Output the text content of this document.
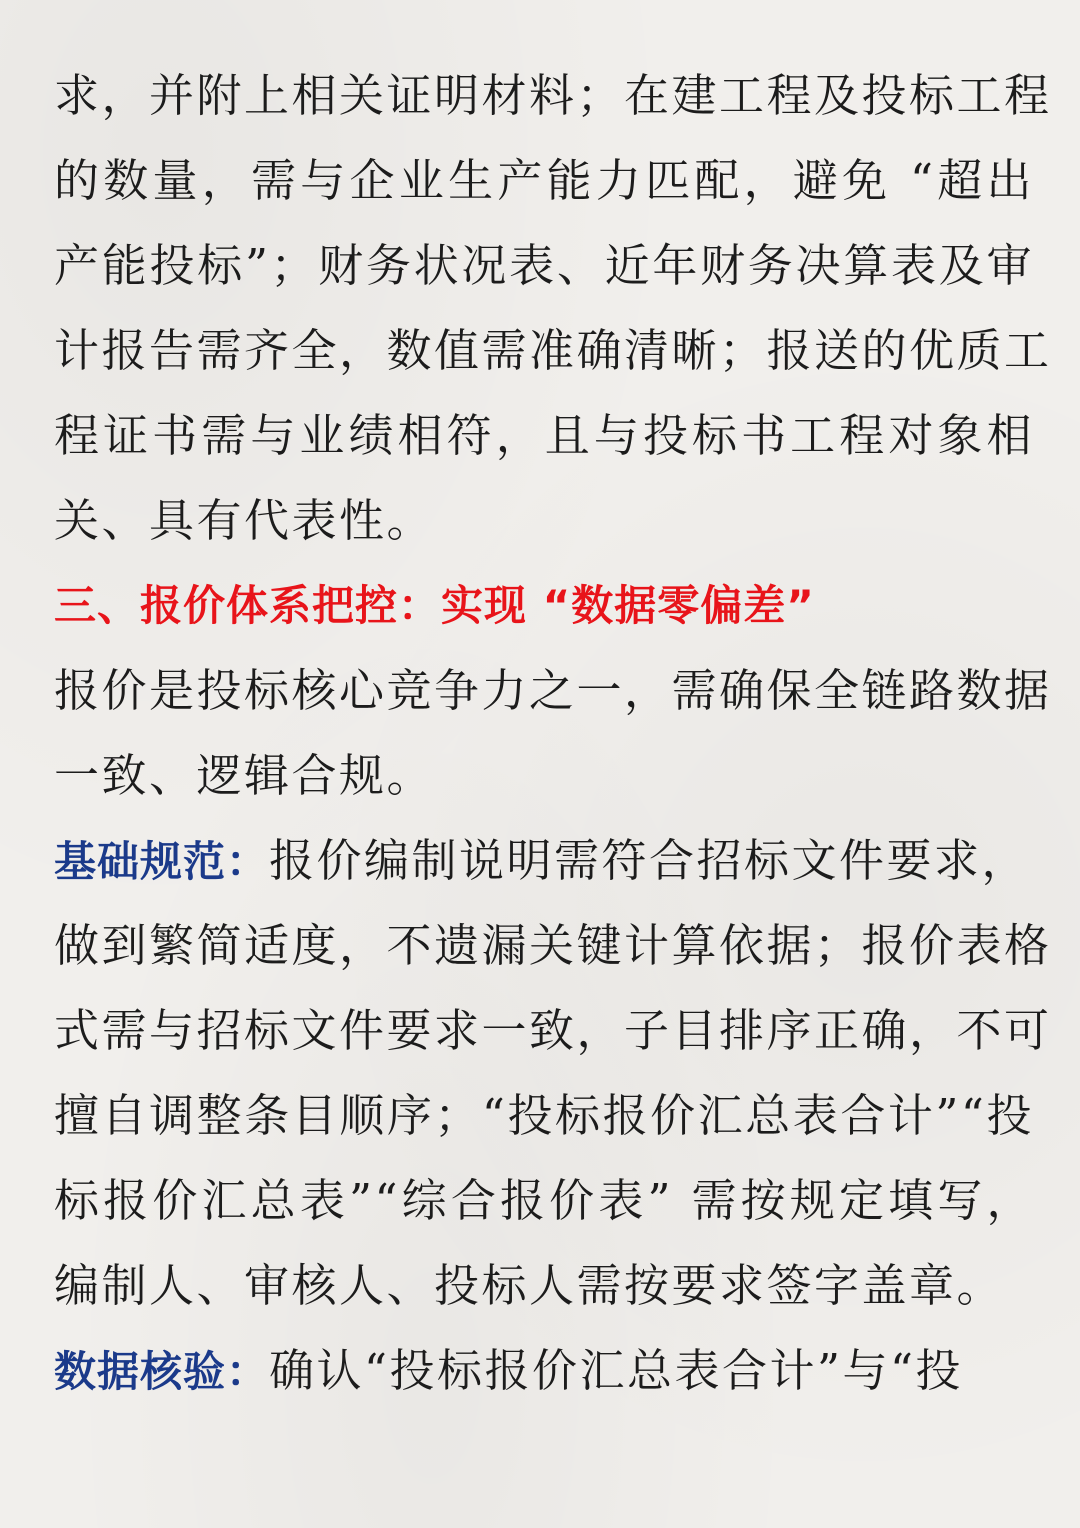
求，并附上相关证明材料；在建工程及投标工程
的数量，需与企业生产能力匹配，避免 “超出
产能投标”；财务状况表、近年财务决算表及审
计报告需齐全，数值需准确清晰；报送的优质工
程证书需与业绩相符，且与投标书工程对象相
关、具有代表性。
三、报价体系把控：实现 “数据零偏差”
报价是投标核心竞争力之一，需确保全链路数据
一致、逻辑合规。
基础规范：报价编制说明需符合招标文件要求，
做到繁简适度，不遗漏关键计算依据；报价表格
式需与招标文件要求一致，子目排序正确，不可
擅自调整条目顺序；“投标报价汇总表合计”“投
标报价汇总表”“综合报价表” 需按规定填写，
编制人、审核人、投标人需按要求签字盖章。
数据核验：确认“投标报价汇总表合计”与“投
